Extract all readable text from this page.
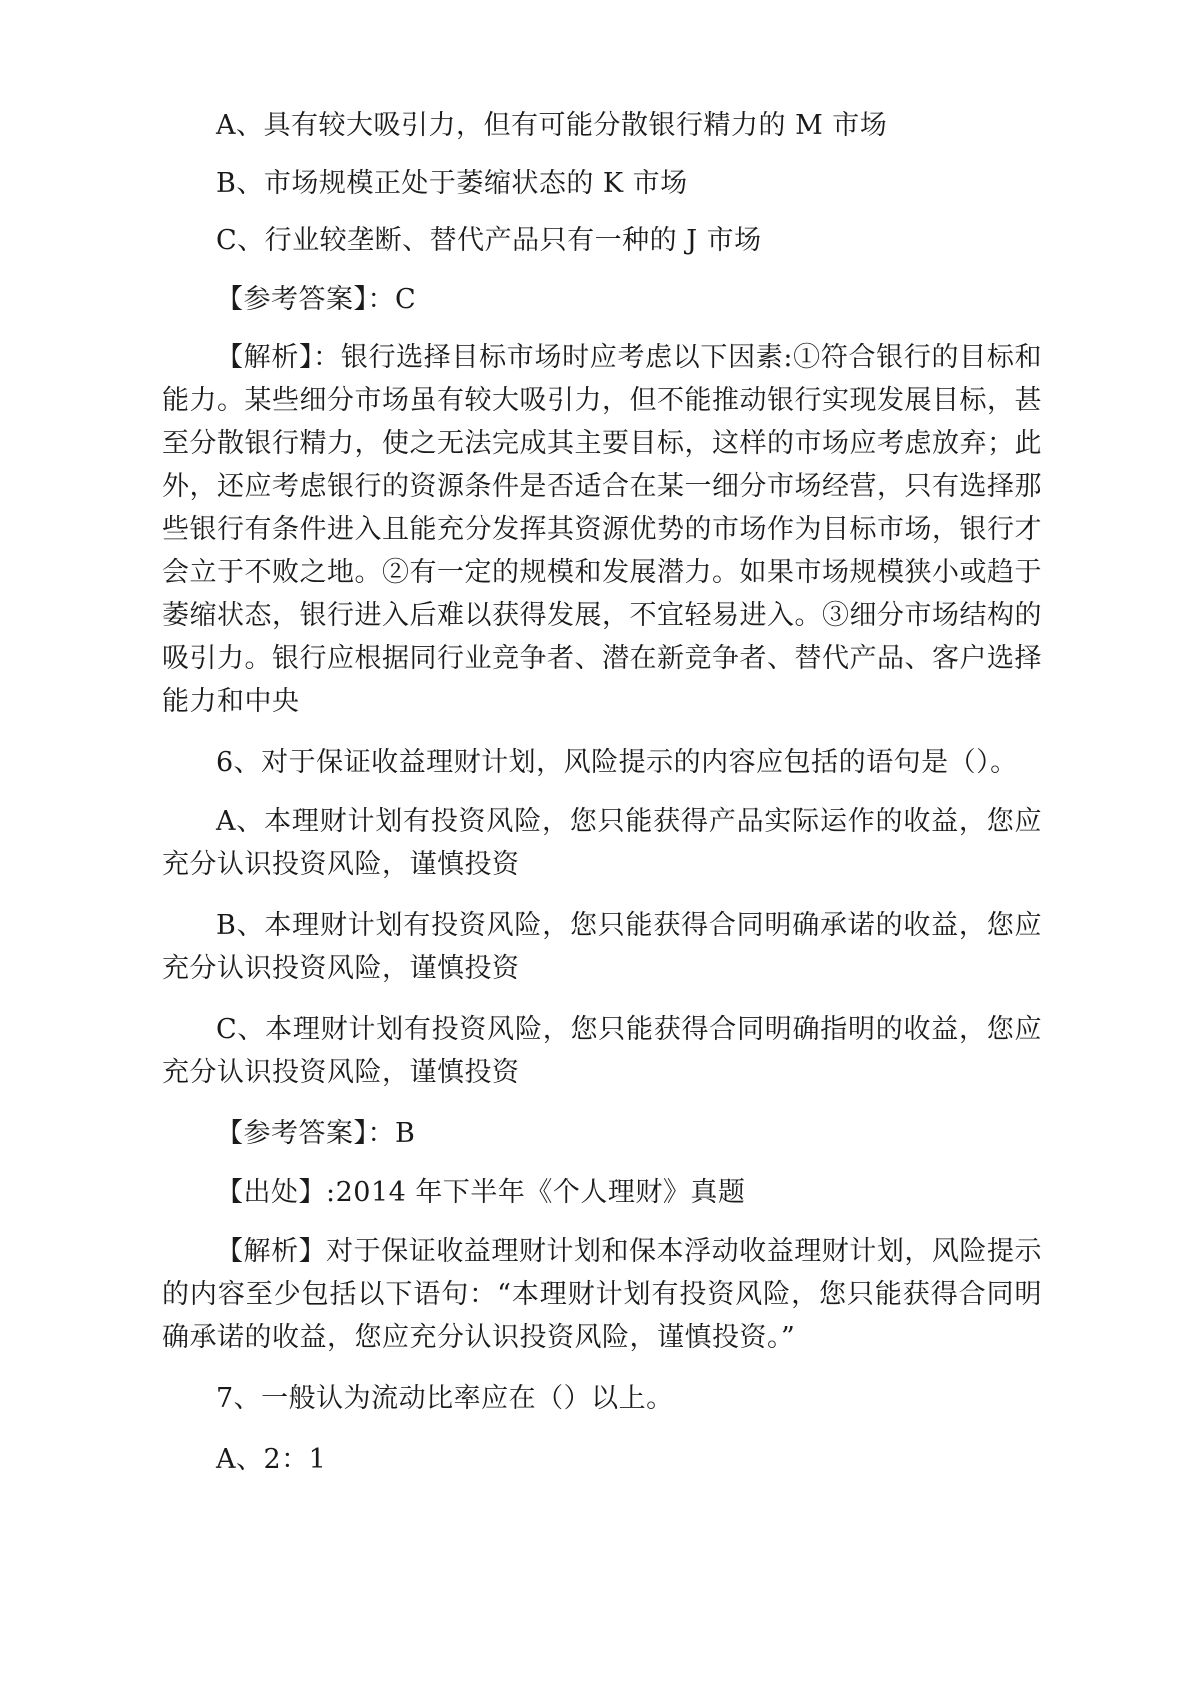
A、具有较大吸引力，但有可能分散银行精力的 M 市场

B、市场规模正处于萎缩状态的 K 市场

C、行业较垄断、替代产品只有一种的 J 市场

【参考答案】：C

【解析】：银行选择目标市场时应考虑以下因素:①符合银行的目标和能力。某些细分市场虽有较大吸引力，但不能推动银行实现发展目标，甚至分散银行精力，使之无法完成其主要目标，这样的市场应考虑放弃；此外，还应考虑银行的资源条件是否适合在某一细分市场经营，只有选择那些银行有条件进入且能充分发挥其资源优势的市场作为目标市场，银行才会立于不败之地。②有一定的规模和发展潜力。如果市场规模狭小或趋于萎缩状态，银行进入后难以获得发展，不宜轻易进入。③细分市场结构的吸引力。银行应根据同行业竞争者、潜在新竞争者、替代产品、客户选择能力和中央

6、对于保证收益理财计划，风险提示的内容应包括的语句是（）。

A、本理财计划有投资风险，您只能获得产品实际运作的收益，您应充分认识投资风险，谨慎投资

B、本理财计划有投资风险，您只能获得合同明确承诺的收益，您应充分认识投资风险，谨慎投资

C、本理财计划有投资风险，您只能获得合同明确指明的收益，您应充分认识投资风险，谨慎投资

【参考答案】：B

【出处】:2014 年下半年《个人理财》真题

【解析】对于保证收益理财计划和保本浮动收益理财计划，风险提示的内容至少包括以下语句：“本理财计划有投资风险，您只能获得合同明确承诺的收益，您应充分认识投资风险，谨慎投资。”

7、一般认为流动比率应在（）以上。

A、2：1
